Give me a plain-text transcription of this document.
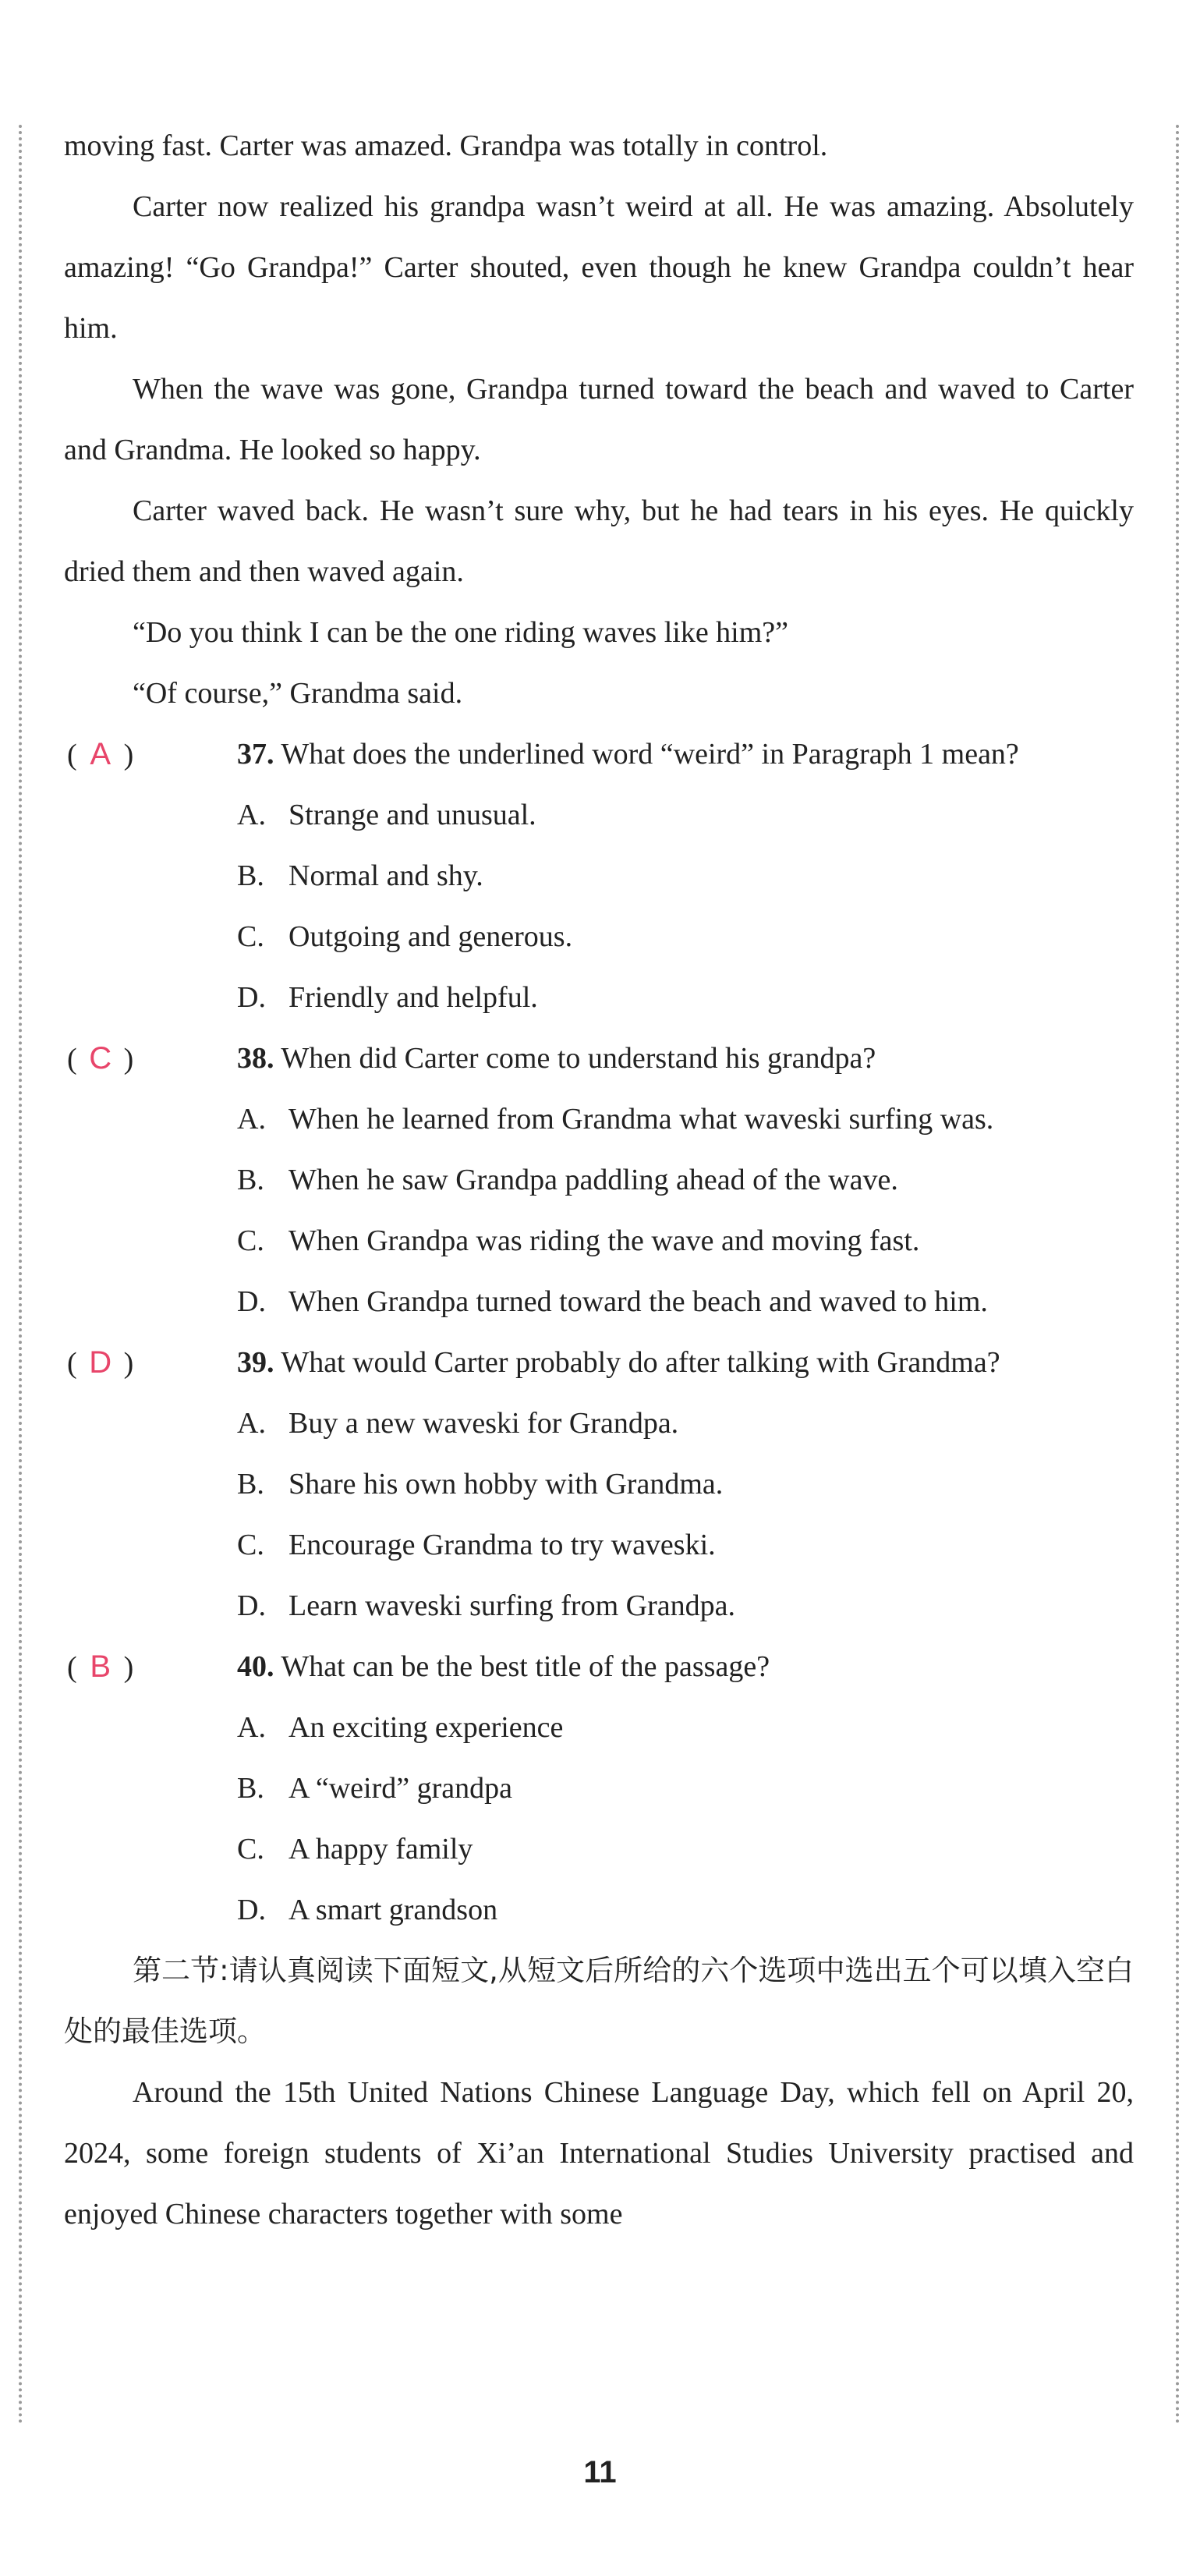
moving fast. Carter was amazed. Grandpa was totally in control.

Carter now realized his grandpa wasn’t weird at all. He was amazing. Absolutely amazing! “Go Grandpa!” Carter shouted, even though he knew Grandpa couldn’t hear him.

When the wave was gone, Grandpa turned toward the beach and waved to Carter and Grandma. He looked so happy.

Carter waved back. He wasn’t sure why, but he had tears in his eyes. He quickly dried them and then waved again.

“Do you think I can be the one riding waves like him?”

“Of course,” Grandma said.

( A )	37. What does the underlined word “weird” in Paragraph 1 mean?

A. Strange and unusual.

B. Normal and shy.

C. Outgoing and generous.

D. Friendly and helpful.

( C )	38. When did Carter come to understand his grandpa?

A. When he learned from Grandma what waveski surfing was.

B. When he saw Grandpa paddling ahead of the wave.

C. When Grandpa was riding the wave and moving fast.

D. When Grandpa turned toward the beach and waved to him.

( D )	39. What would Carter probably do after talking with Grandma?

A. Buy a new waveski for Grandpa.

B. Share his own hobby with Grandma.

C. Encourage Grandma to try waveski.

D. Learn waveski surfing from Grandpa.

( B )	40. What can be the best title of the passage?

A. An exciting experience

B. A “weird” grandpa

C. A happy family

D. A smart grandson

第二节:请认真阅读下面短文,从短文后所给的六个选项中选出五个可以填入空白处的最佳选项。

Around the 15th United Nations Chinese Language Day, which fell on April 20, 2024, some foreign students of Xi’an International Studies University practised and enjoyed Chinese characters together with some

11
